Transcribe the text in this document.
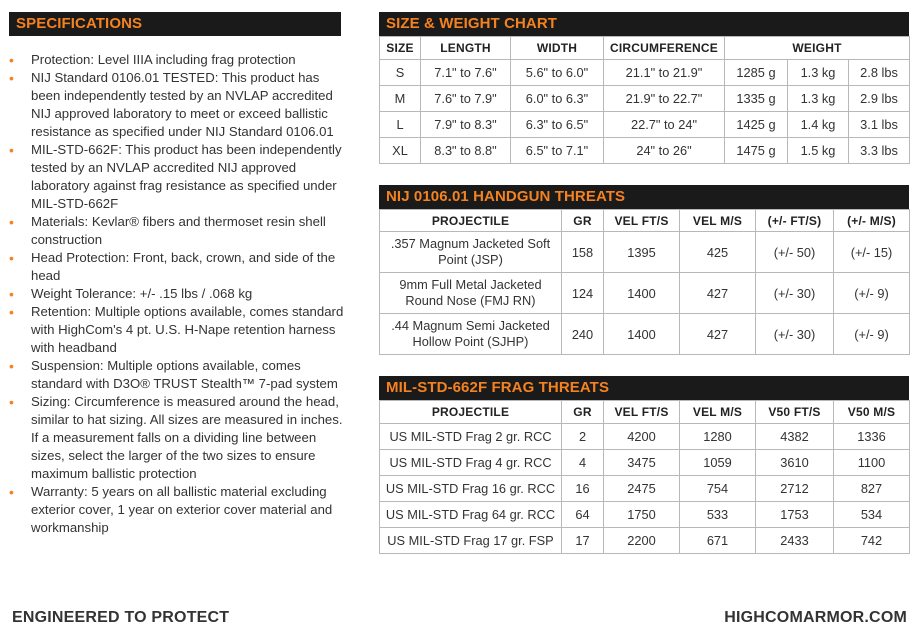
SPECIFICATIONS
• Protection: Level IIIA including frag protection
• NIJ Standard 0106.01 TESTED: This product has been independently tested by an NVLAP accredited NIJ approved laboratory to meet or exceed ballistic resistance as specified under NIJ Standard 0106.01
• MIL-STD-662F: This product has been independently tested by an NVLAP accredited NIJ approved laboratory against frag resistance as specified under MIL-STD-662F
• Materials: Kevlar® fibers and thermoset resin shell construction
• Head Protection: Front, back, crown, and side of the head
• Weight Tolerance: +/- .15 lbs / .068 kg
• Retention: Multiple options available, comes standard with HighCom's 4 pt. U.S. H-Nape retention harness with headband
• Suspension: Multiple options available, comes standard with D3O® TRUST Stealth™ 7-pad system
• Sizing: Circumference is measured around the head, similar to hat sizing. All sizes are measured in inches. If a measurement falls on a dividing line between sizes, select the larger of the two sizes to ensure maximum ballistic protection
• Warranty: 5 years on all ballistic material excluding exterior cover, 1 year on exterior cover material and workmanship
SIZE & WEIGHT CHART
SIZE	LENGTH	WIDTH	CIRCUMFERENCE	WEIGHT		
S	7.1" to 7.6"	5.6" to 6.0"	21.1" to 21.9"	1285 g	1.3 kg	2.8 lbs
M	7.6" to 7.9"	6.0" to 6.3"	21.9" to 22.7"	1335 g	1.3 kg	2.9 lbs
L	7.9" to 8.3"	6.3" to 6.5"	22.7" to 24"	1425 g	1.4 kg	3.1 lbs
XL	8.3" to 8.8"	6.5" to 7.1"	24" to 26"	1475 g	1.5 kg	3.3 lbs
NIJ 0106.01 HANDGUN THREATS
PROJECTILE	GR	VEL FT/S	VEL M/S	(+/- FT/S)	(+/- M/S)
.357 Magnum Jacketed Soft Point (JSP)	158	1395	425	(+/- 50)	(+/- 15)
9mm Full Metal Jacketed Round Nose (FMJ RN)	124	1400	427	(+/- 30)	(+/- 9)
.44 Magnum Semi Jacketed Hollow Point (SJHP)	240	1400	427	(+/- 30)	(+/- 9)
MIL-STD-662F FRAG THREATS
PROJECTILE	GR	VEL FT/S	VEL M/S	V50 FT/S	V50 M/S
US MIL-STD Frag 2 gr. RCC	2	4200	1280	4382	1336
US MIL-STD Frag 4 gr. RCC	4	3475	1059	3610	1100
US MIL-STD Frag 16 gr. RCC	16	2475	754	2712	827
US MIL-STD Frag 64 gr. RCC	64	1750	533	1753	534
US MIL-STD Frag 17 gr. FSP	17	2200	671	2433	742
ENGINEERED TO PROTECT	HIGHCOMARMOR.COM
